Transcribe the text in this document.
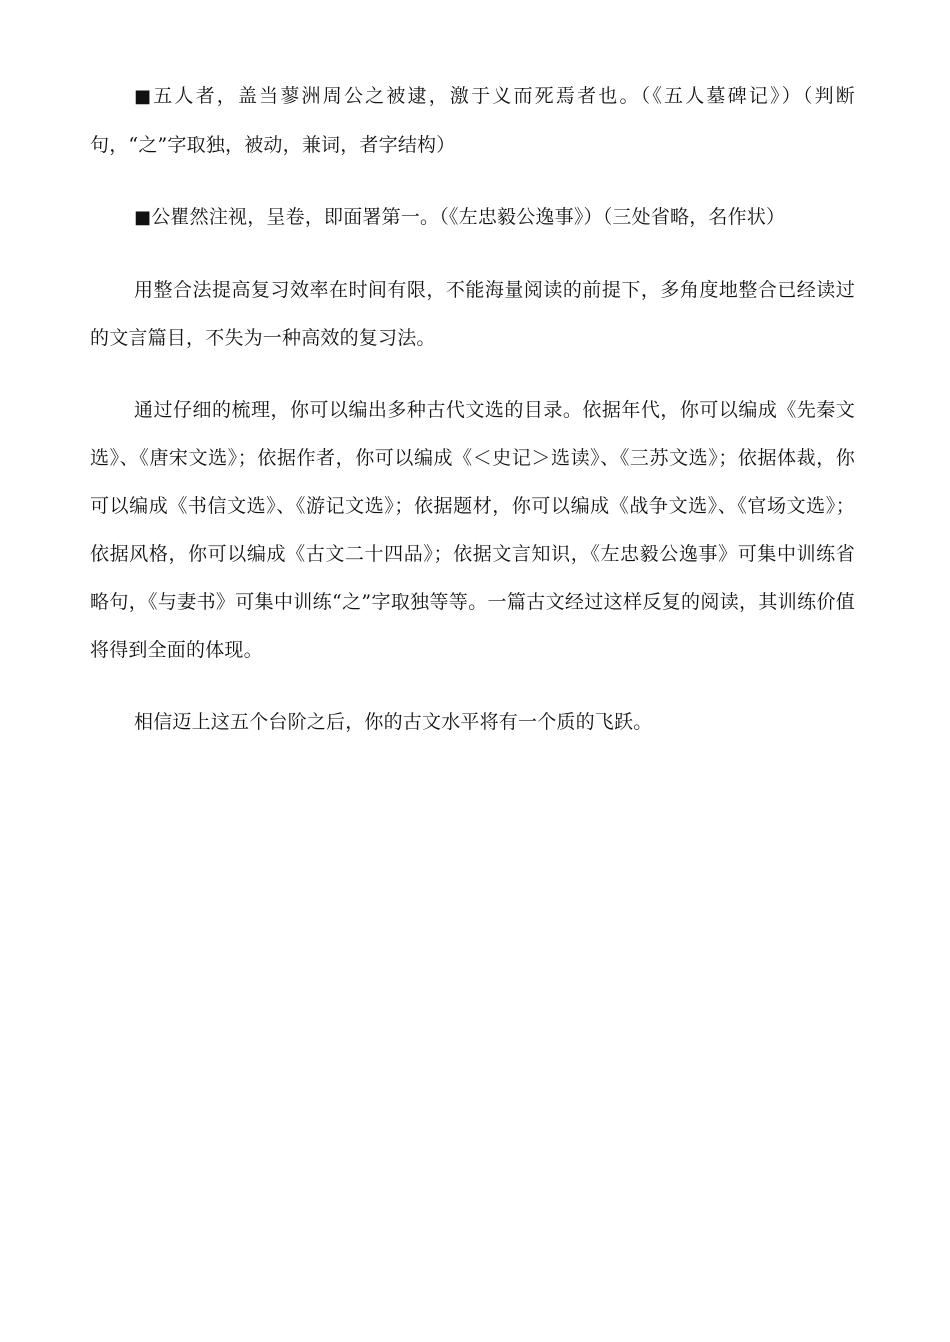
■五人者，盖当蓼洲周公之被逮，激于义而死焉者也。（《五人墓碑记》）（判断句，“之”字取独，被动，兼词，者字结构）

■公瞿然注视，呈卷，即面署第一。（《左忠毅公逸事》）（三处省略，名作状）

用整合法提高复习效率在时间有限，不能海量阅读的前提下，多角度地整合已经读过的文言篇目，不失为一种高效的复习法。

通过仔细的梳理，你可以编出多种古代文选的目录。依据年代，你可以编成《先秦文选》、《唐宋文选》；依据作者，你可以编成《＜史记＞选读》、《三苏文选》；依据体裁，你可以编成《书信文选》、《游记文选》；依据题材，你可以编成《战争文选》、《官场文选》；依据风格，你可以编成《古文二十四品》；依据文言知识，《左忠毅公逸事》可集中训练省略句，《与妻书》可集中训练“之”字取独等等。一篇古文经过这样反复的阅读，其训练价值将得到全面的体现。

相信迈上这五个台阶之后，你的古文水平将有一个质的飞跃。
